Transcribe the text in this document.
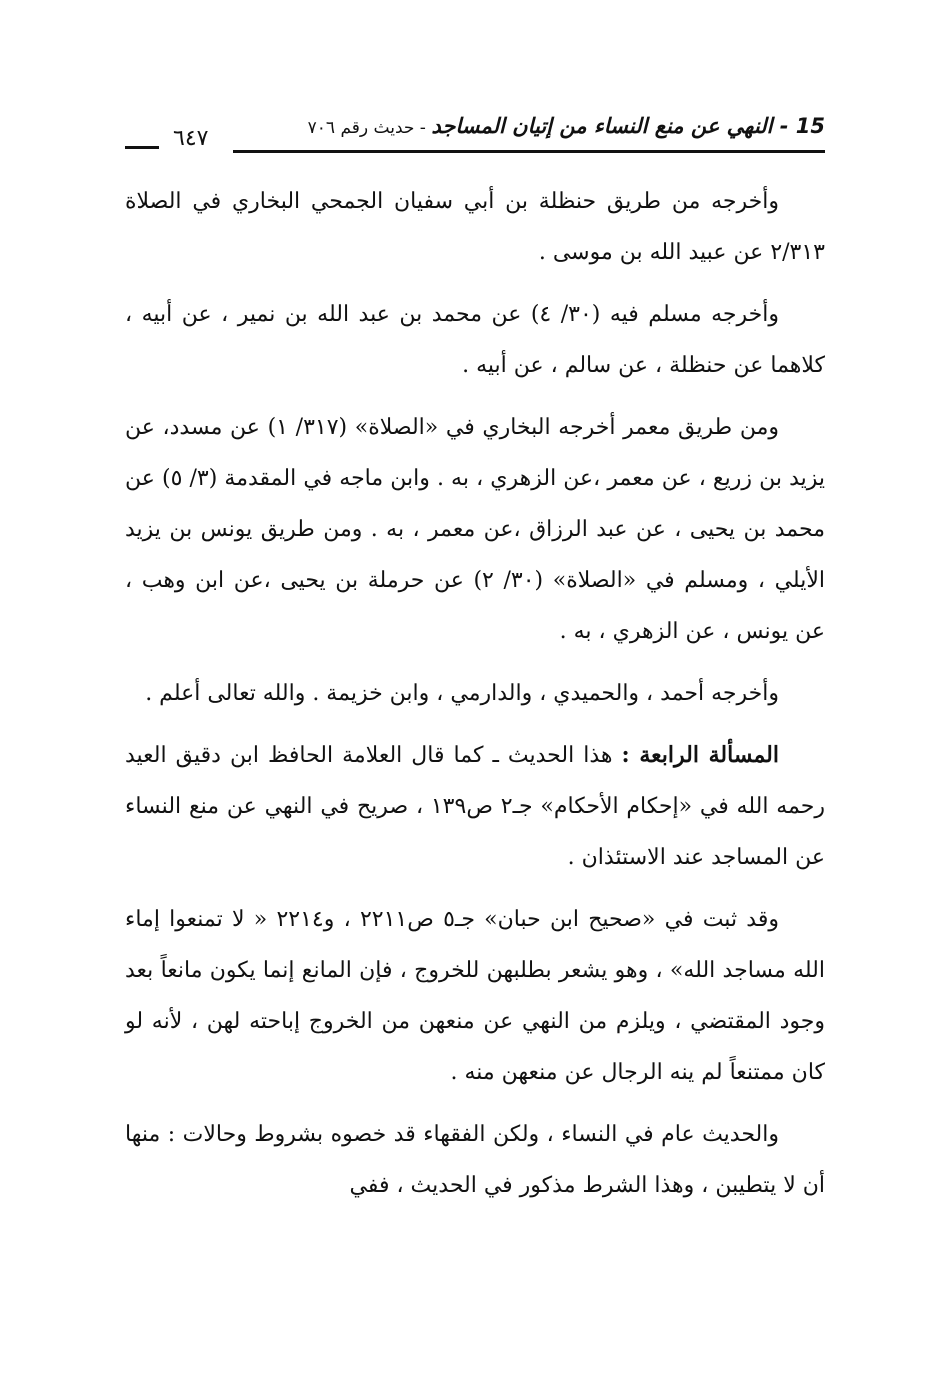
15 - النهي عن منع النساء من إتيان المساجد - حديث رقم ٧٠٦
٦٤٧

وأخرجه من طريق حنظلة بن أبي سفيان الجمحي البخاري في الصلاة ٢/٣١٣ عن عبيد الله بن موسى .

وأخرجه مسلم فيه (٣٠/ ٤) عن محمد بن عبد الله بن نمير ، عن أبيه ، كلاهما عن حنظلة ، عن سالم ، عن أبيه .

ومن طريق معمر أخرجه البخاري في «الصلاة» (٣١٧/ ١) عن مسدد، عن يزيد بن زريع ، عن معمر ،عن الزهري ، به . وابن ماجه في المقدمة (٣/ ٥) عن محمد بن يحيى ، عن عبد الرزاق ،عن معمر ، به . ومن طريق يونس بن يزيد الأيلي ، ومسلم في «الصلاة» (٣٠/ ٢) عن حرملة بن يحيى ،عن ابن وهب ، عن يونس ، عن الزهري ، به .

وأخرجه أحمد ، والحميدي ، والدارمي ، وابن خزيمة . والله تعالى أعلم .

المسألة الرابعة : هذا الحديث ـ كما قال العلامة الحافظ ابن دقيق العيد رحمه الله في «إحكام الأحكام» جـ٢ ص١٣٩ ، صريح في النهي عن منع النساء عن المساجد عند الاستئذان .

وقد ثبت في «صحيح ابن حبان» جـ٥ ص٢٢١١ ، و٢٢١٤ « لا تمنعوا إماء الله مساجد الله» ، وهو يشعر بطلبهن للخروج ، فإن المانع إنما يكون مانعاً بعد وجود المقتضي ، ويلزم من النهي عن منعهن من الخروج إباحته لهن ، لأنه لو كان ممتنعاً لم ينه الرجال عن منعهن منه .

والحديث عام في النساء ، ولكن الفقهاء قد خصوه بشروط وحالات : منها أن لا يتطيبن ، وهذا الشرط مذكور في الحديث ، ففي
